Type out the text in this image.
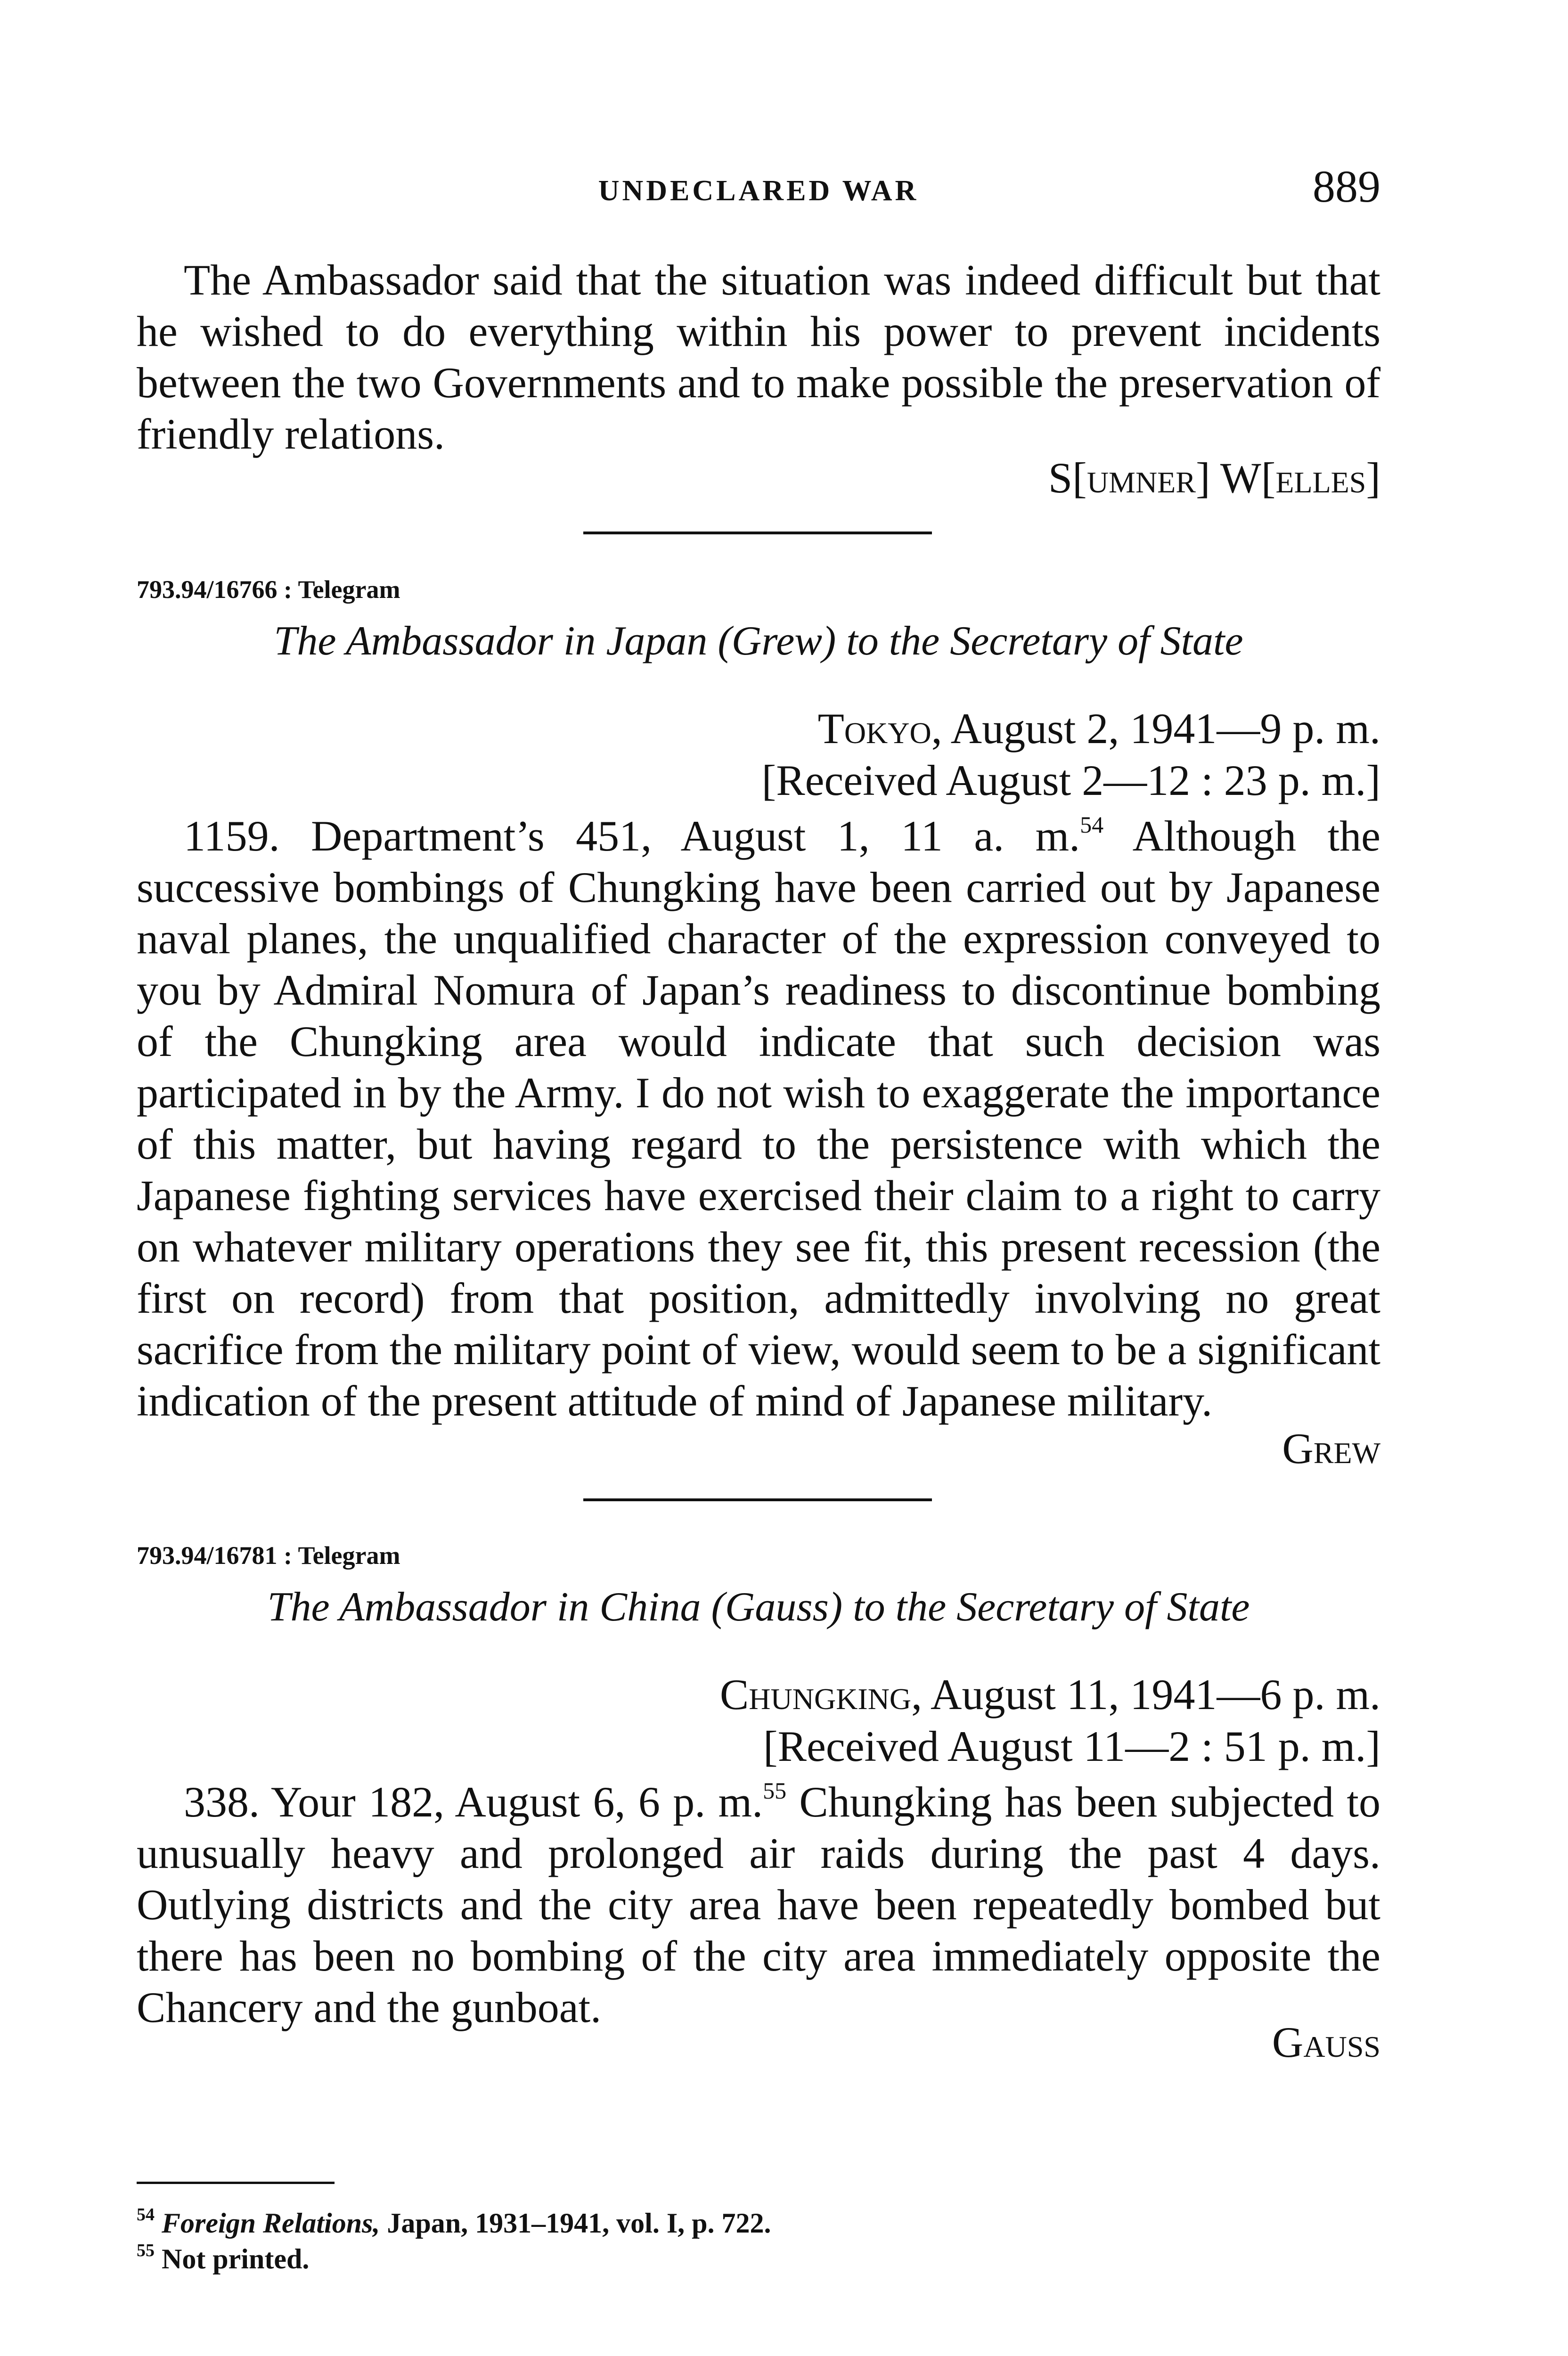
UNDECLARED WAR	889

The Ambassador said that the situation was indeed difficult but that he wished to do everything within his power to prevent incidents between the two Governments and to make possible the preservation of friendly relations.

S[UMNER] W[ELLES]
793.94/16766 : Telegram
The Ambassador in Japan (Grew) to the Secretary of State
TOKYO, August 2, 1941—9 p. m.
[Received August 2—12 : 23 p. m.]

1159. Department’s 451, August 1, 11 a. m.$^{54}$ Although the successive bombings of Chungking have been carried out by Japanese naval planes, the unqualified character of the expression conveyed to you by Admiral Nomura of Japan’s readiness to discontinue bombing of the Chungking area would indicate that such decision was participated in by the Army. I do not wish to exaggerate the importance of this matter, but having regard to the persistence with which the Japanese fighting services have exercised their claim to a right to carry on whatever military operations they see fit, this present recession (the first on record) from that position, admittedly involving no great sacrifice from the military point of view, would seem to be a significant indication of the present attitude of mind of Japanese military.

GREW
793.94/16781 : Telegram
The Ambassador in China (Gauss) to the Secretary of State
CHUNGKING, August 11, 1941—6 p. m.
[Received August 11—2 : 51 p. m.]

338. Your 182, August 6, 6 p. m.$^{55}$ Chungking has been subjected to unusually heavy and prolonged air raids during the past 4 days. Outlying districts and the city area have been repeatedly bombed but there has been no bombing of the city area immediately opposite the Chancery and the gunboat.

GAUSS
$^{54}$ Foreign Relations, Japan, 1931–1941, vol. I, p. 722.
$^{55}$ Not printed.
